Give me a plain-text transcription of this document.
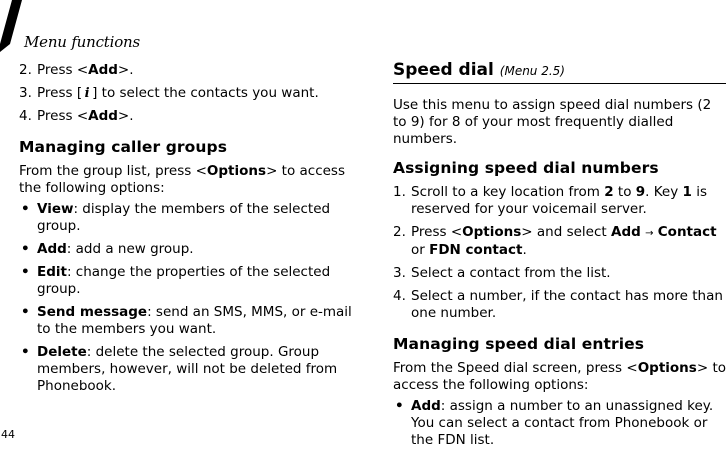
Menu functions
44
2. Press <Add>.
3. Press [ i ] to select the contacts you want.
4. Press <Add>.
Managing caller groups

From the group list, press <Options> to access the following options:

• View: display the members of the selected group.
• Add: add a new group.
• Edit: change the properties of the selected group.
• Send message: send an SMS, MMS, or e-mail to the members you want.
• Delete: delete the selected group. Group members, however, will not be deleted from Phonebook.
Speed dial (Menu 2.5)

Use this menu to assign speed dial numbers (2 to 9) for 8 of your most frequently dialled numbers.

Assigning speed dial numbers
1. Scroll to a key location from 2 to 9. Key 1 is reserved for your voicemail server.
2. Press <Options> and select Add → Contact or FDN contact.
3. Select a contact from the list.
4. Select a number, if the contact has more than one number.
Managing speed dial entries

From the Speed dial screen, press <Options> to access the following options:

• Add: assign a number to an unassigned key. You can select a contact from Phonebook or the FDN list.
